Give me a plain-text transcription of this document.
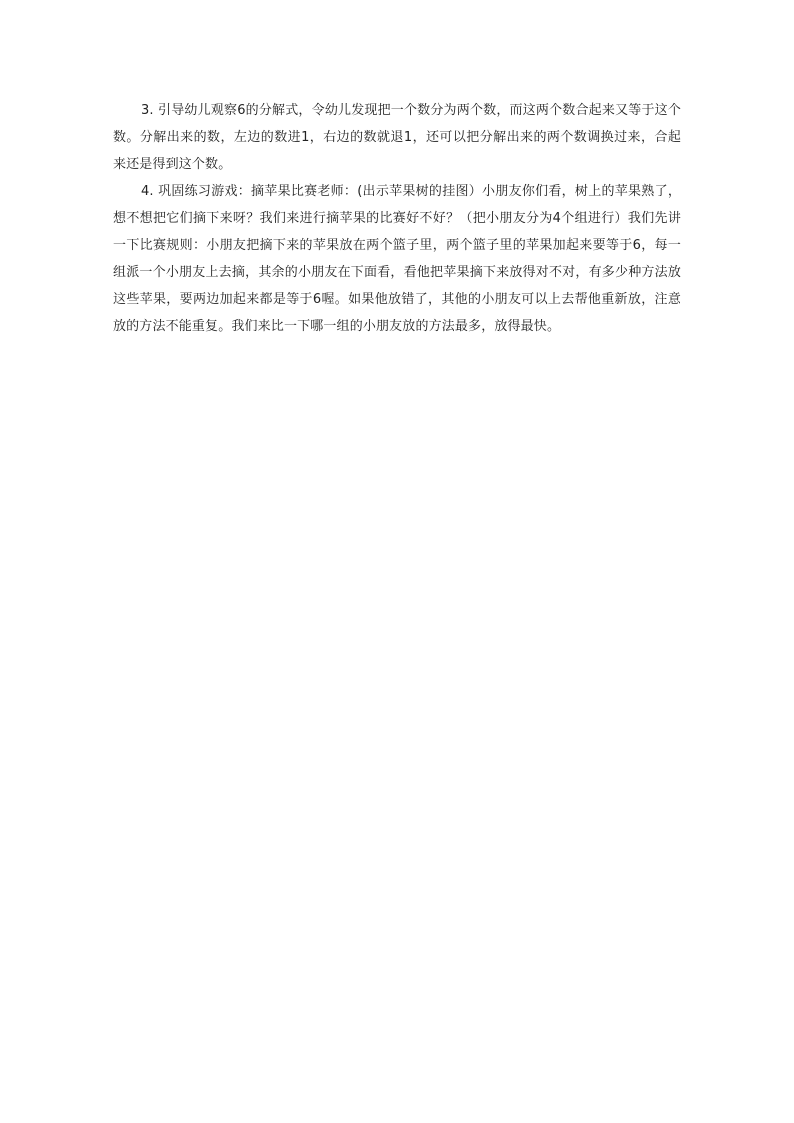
3. 引导幼儿观察6的分解式，令幼儿发现把一个数分为两个数，而这两个数合起来又等于这个数。分解出来的数，左边的数进1，右边的数就退1，还可以把分解出来的两个数调换过来，合起来还是得到这个数。

4. 巩固练习游戏：摘苹果比赛老师：(出示苹果树的挂图）小朋友你们看，树上的苹果熟了，想不想把它们摘下来呀？我们来进行摘苹果的比赛好不好？（把小朋友分为4个组进行）我们先讲一下比赛规则：小朋友把摘下来的苹果放在两个篮子里，两个篮子里的苹果加起来要等于6，每一组派一个小朋友上去摘，其余的小朋友在下面看，看他把苹果摘下来放得对不对，有多少种方法放这些苹果，要两边加起来都是等于6喔。如果他放错了，其他的小朋友可以上去帮他重新放，注意放的方法不能重复。我们来比一下哪一组的小朋友放的方法最多，放得最快。
